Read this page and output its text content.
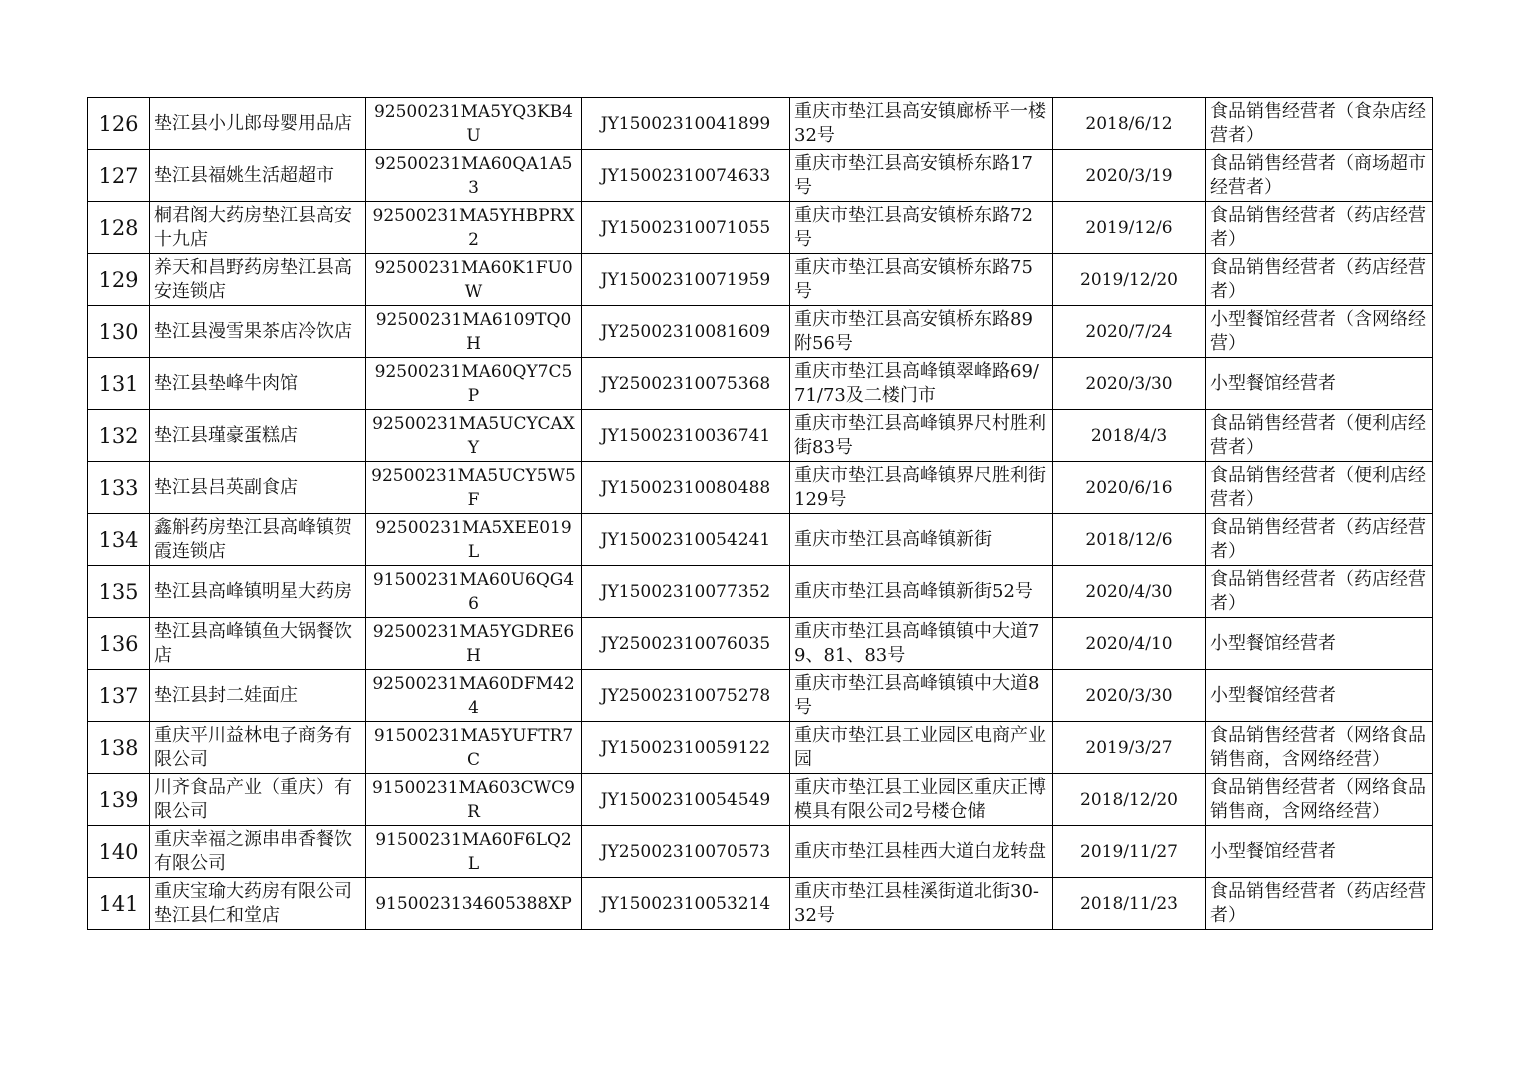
126	垫江县小儿郎母婴用品店	92500231MA5YQ3KB4U	JY15002310041899	重庆市垫江县高安镇廊桥平一楼32号	2018/6/12	食品销售经营者（食杂店经营者）
127	垫江县福姚生活超超市	92500231MA60QA1A53	JY15002310074633	重庆市垫江县高安镇桥东路17号	2020/3/19	食品销售经营者（商场超市经营者）
128	桐君阁大药房垫江县高安十九店	92500231MA5YHBPRX2	JY15002310071055	重庆市垫江县高安镇桥东路72号	2019/12/6	食品销售经营者（药店经营者）
129	养天和昌野药房垫江县高安连锁店	92500231MA60K1FU0W	JY15002310071959	重庆市垫江县高安镇桥东路75号	2019/12/20	食品销售经营者（药店经营者）
130	垫江县漫雪果茶店冷饮店	92500231MA6109TQ0H	JY25002310081609	重庆市垫江县高安镇桥东路89附56号	2020/7/24	小型餐馆经营者（含网络经营）
131	垫江县垫峰牛肉馆	92500231MA60QY7C5P	JY25002310075368	重庆市垫江县高峰镇翠峰路69/71/73及二楼门市	2020/3/30	小型餐馆经营者
132	垫江县瑾豪蛋糕店	92500231MA5UCYCAXY	JY15002310036741	重庆市垫江县高峰镇界尺村胜利街83号	2018/4/3	食品销售经营者（便利店经营者）
133	垫江县吕英副食店	92500231MA5UCY5W5F	JY15002310080488	重庆市垫江县高峰镇界尺胜利街129号	2020/6/16	食品销售经营者（便利店经营者）
134	鑫斛药房垫江县高峰镇贺霞连锁店	92500231MA5XEE019L	JY15002310054241	重庆市垫江县高峰镇新街	2018/12/6	食品销售经营者（药店经营者）
135	垫江县高峰镇明星大药房	91500231MA60U6QG46	JY15002310077352	重庆市垫江县高峰镇新街52号	2020/4/30	食品销售经营者（药店经营者）
136	垫江县高峰镇鱼大锅餐饮店	92500231MA5YGDRE6H	JY25002310076035	重庆市垫江县高峰镇镇中大道79、81、83号	2020/4/10	小型餐馆经营者
137	垫江县封二娃面庄	92500231MA60DFM424	JY25002310075278	重庆市垫江县高峰镇镇中大道8号	2020/3/30	小型餐馆经营者
138	重庆平川益林电子商务有限公司	91500231MA5YUFTR7C	JY15002310059122	重庆市垫江县工业园区电商产业园	2019/3/27	食品销售经营者（网络食品销售商，含网络经营）
139	川齐食品产业（重庆）有限公司	91500231MA603CWC9R	JY15002310054549	重庆市垫江县工业园区重庆正博模具有限公司2号楼仓储	2018/12/20	食品销售经营者（网络食品销售商，含网络经营）
140	重庆幸福之源串串香餐饮有限公司	91500231MA60F6LQ2L	JY25002310070573	重庆市垫江县桂西大道白龙转盘	2019/11/27	小型餐馆经营者
141	重庆宝瑜大药房有限公司垫江县仁和堂店	9150023134605388XP	JY15002310053214	重庆市垫江县桂溪街道北街30-32号	2018/11/23	食品销售经营者（药店经营者）
